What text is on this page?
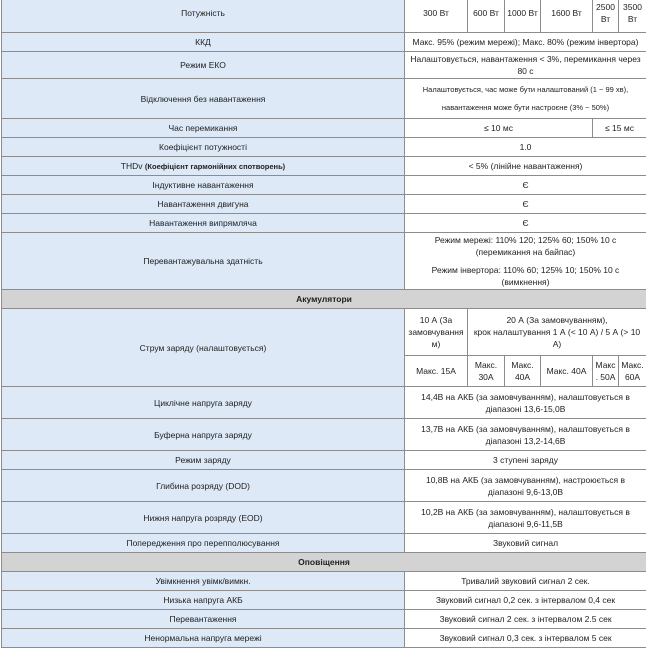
Потужність	300 Вт	600 Вт	1000 Вт	1600 Вт	2500 Вт	3500 Вт
ККД	Макс. 95% (режим мережі); Макс. 80% (режим інвертора)					
Режим ЕКО	Налаштовується, навантаження < 3%, перемикання через 80 с					
Відключення без навантаження	Налаштовується, час може бути налаштований (1 ~ 99 хв),
навантаження може бути настроєне (3% ~ 50%)					
Час перемикання	≤ 10 мс				≤ 15 мс	
Коефіцієнт потужності	1.0					
THDv (Коефіцієнт гармонійних спотворень)	< 5% (лінійне навантаження)					
Індуктивне навантаження	Є					
Навантаження двигуна	Є					
Навантаження випрямляча	Є					
Перевантажувальна здатність	Режим мережі: 110% 120; 125% 60; 150% 10 с (перемикання на байпас)
Режим інвертора: 110% 60; 125% 10; 150% 10 с (вимкнення)					
Акумулятори						
Струм заряду (налаштовується)	10 А (За замовчуванням)	20 А (За замовчуванням),
крок налаштування 1 А (< 10 А) / 5 А (> 10 А)				
	Макс. 15А	Макс. 30А	Макс. 40А	Макс. 40А	Макс. 50А	Макс. 60А
Циклічне напруга заряду	14,4В на АКБ (за замовчуванням), налаштовується в діапазоні 13,6-15,0В					
Буферна напруга заряду	13,7В на АКБ (за замовчуванням), налаштовується в діапазоні 13,2-14,6В					
Режим заряду	3 ступені заряду					
Глибина розряду (DOD)	10,8В на АКБ (за замовчуванням), настроюється в діапазоні 9,6-13,0В					
Нижня напруга розряду (EOD)	10,2В на АКБ (за замовчуванням), налаштовується в діапазоні 9,6-11,5В					
Попередження про перепполюсування	Звуковий сигнал					
Оповіщення						
Увімкнення увімк/вимкн.	Тривалий звуковий сигнал 2 сек.					
Низька напруга АКБ	Звуковий сигнал 0,2 сек. з інтервалом 0,4 сек					
Перевантаження	Звуковий сигнал 2 сек. з інтервалом 2.5 сек					
Ненормальна напруга мережі	Звуковий сигнал 0,3 сек. з інтервалом 5 сек					
